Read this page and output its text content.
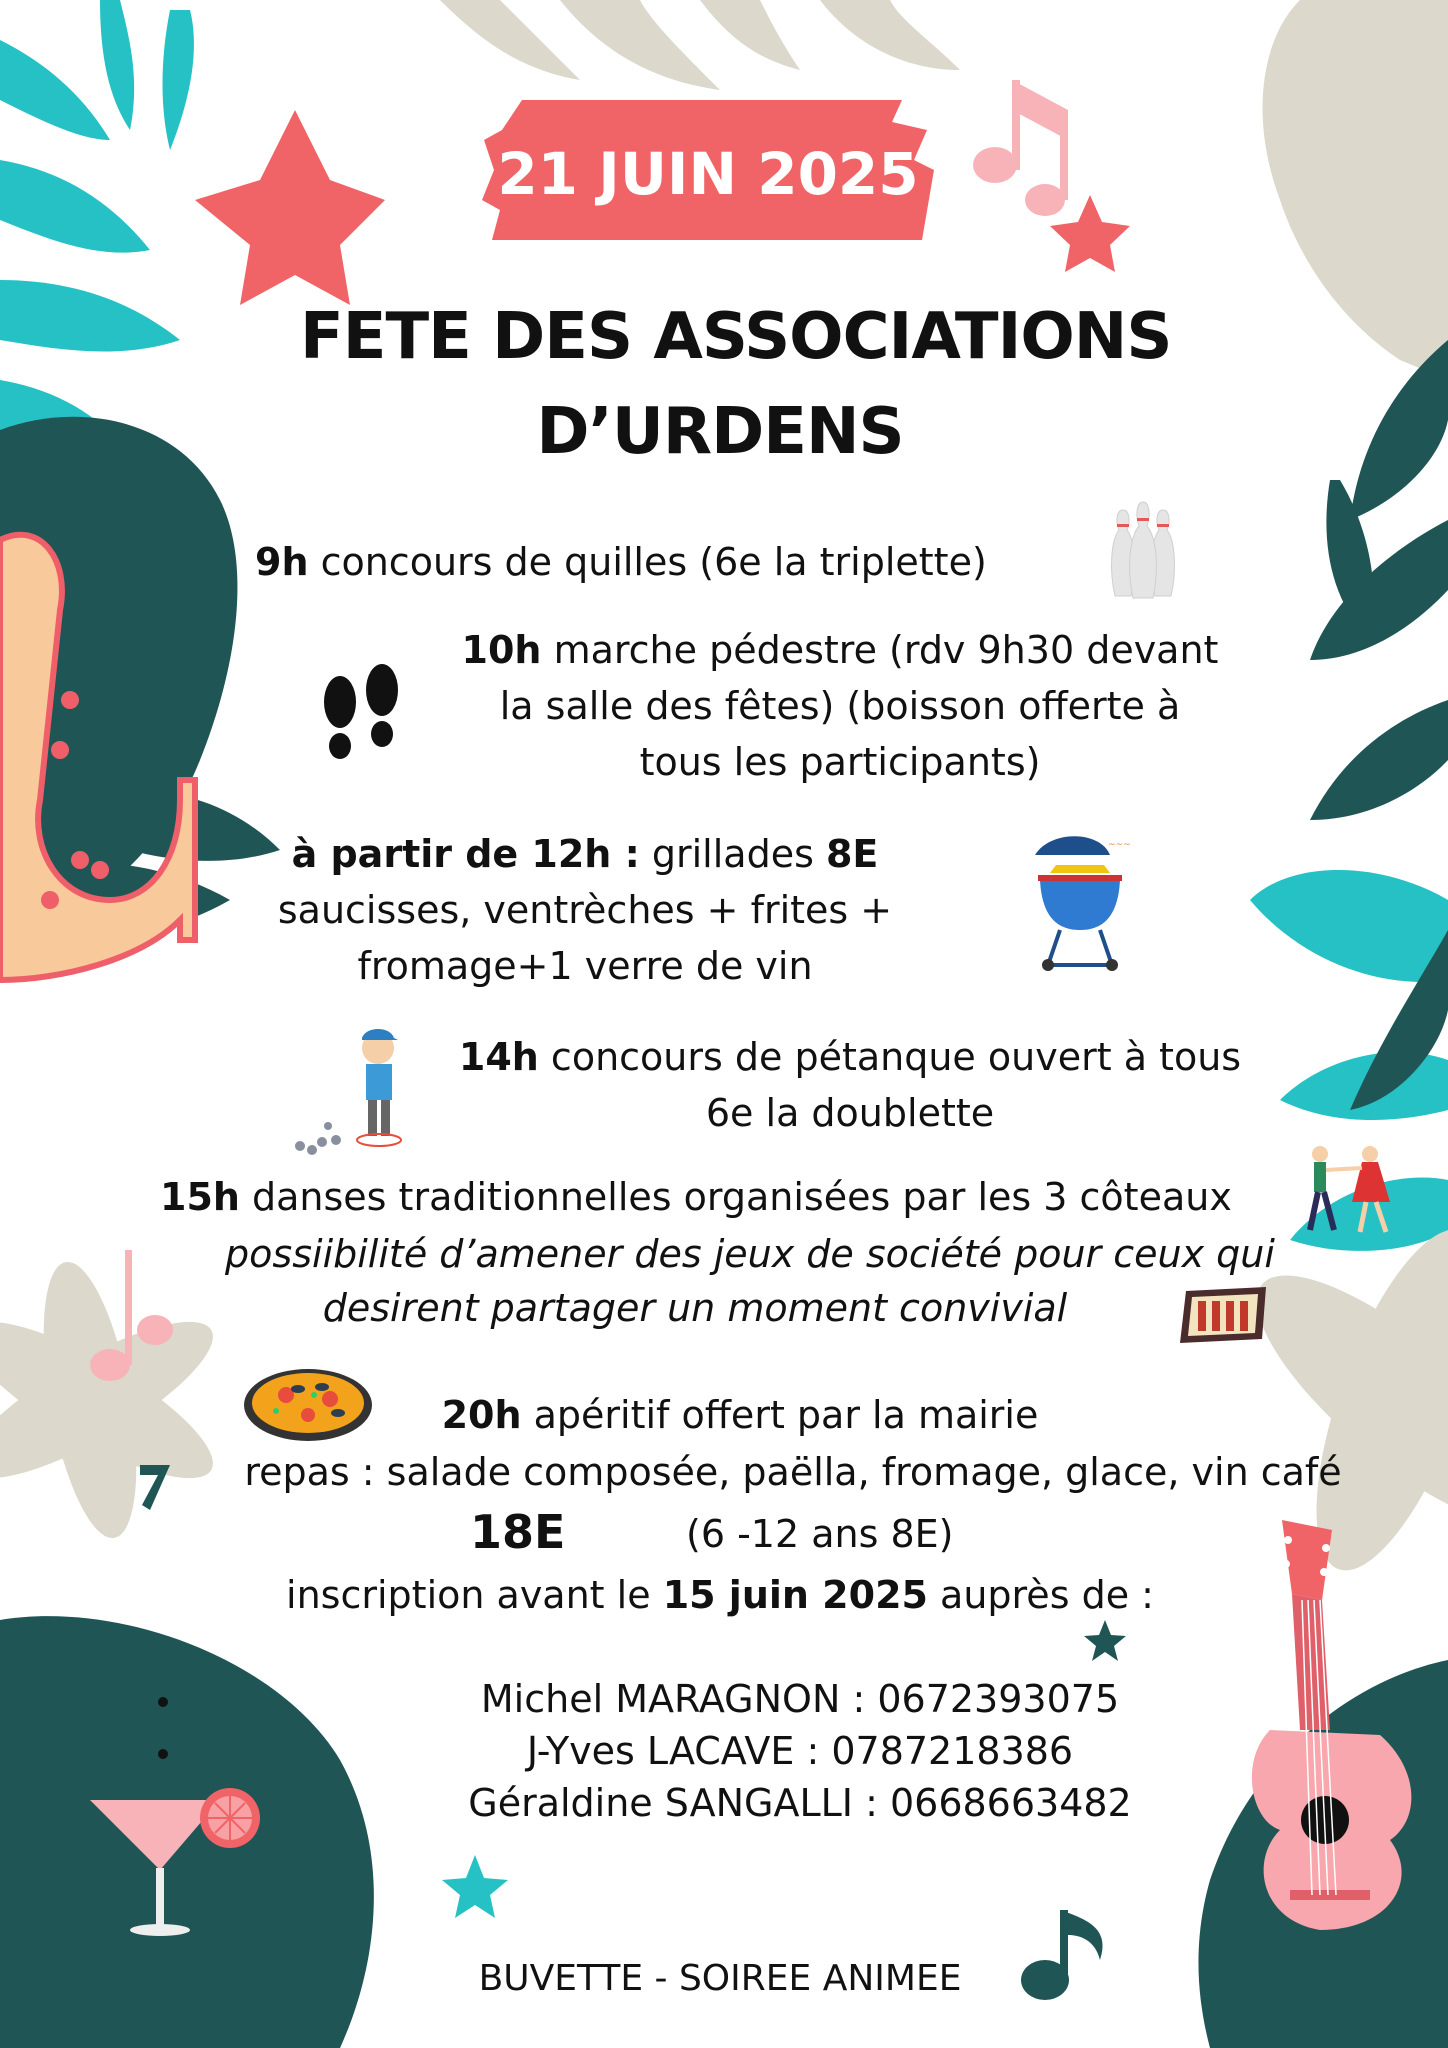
21 JUIN 2025
FETE DES ASSOCIATIONS
D’URDENS
9h concours de quilles (6e la triplette)
10h marche pédestre (rdv 9h30 devant
la salle des fêtes) (boisson offerte à
tous les participants)
à partir de 12h : grillades 8E
saucisses, ventrèches + frites +
fromage+1 verre de vin
~~~
14h concours de pétanque ouvert à tous
6e la doublette
15h danses traditionnelles organisées par les 3 côteaux
possiibilité d’amener des jeux de société pour ceux qui
desirent partager un moment convivial
20h apéritif offert par la mairie
repas : salade composée, paëlla, fromage, glace, vin café
18E	(6 -12 ans 8E)
inscription avant le 15 juin 2025 auprès de :
Michel MARAGNON : 0672393075
J-Yves LACAVE : 0787218386
Géraldine SANGALLI : 0668663482
BUVETTE - SOIREE ANIMEE
